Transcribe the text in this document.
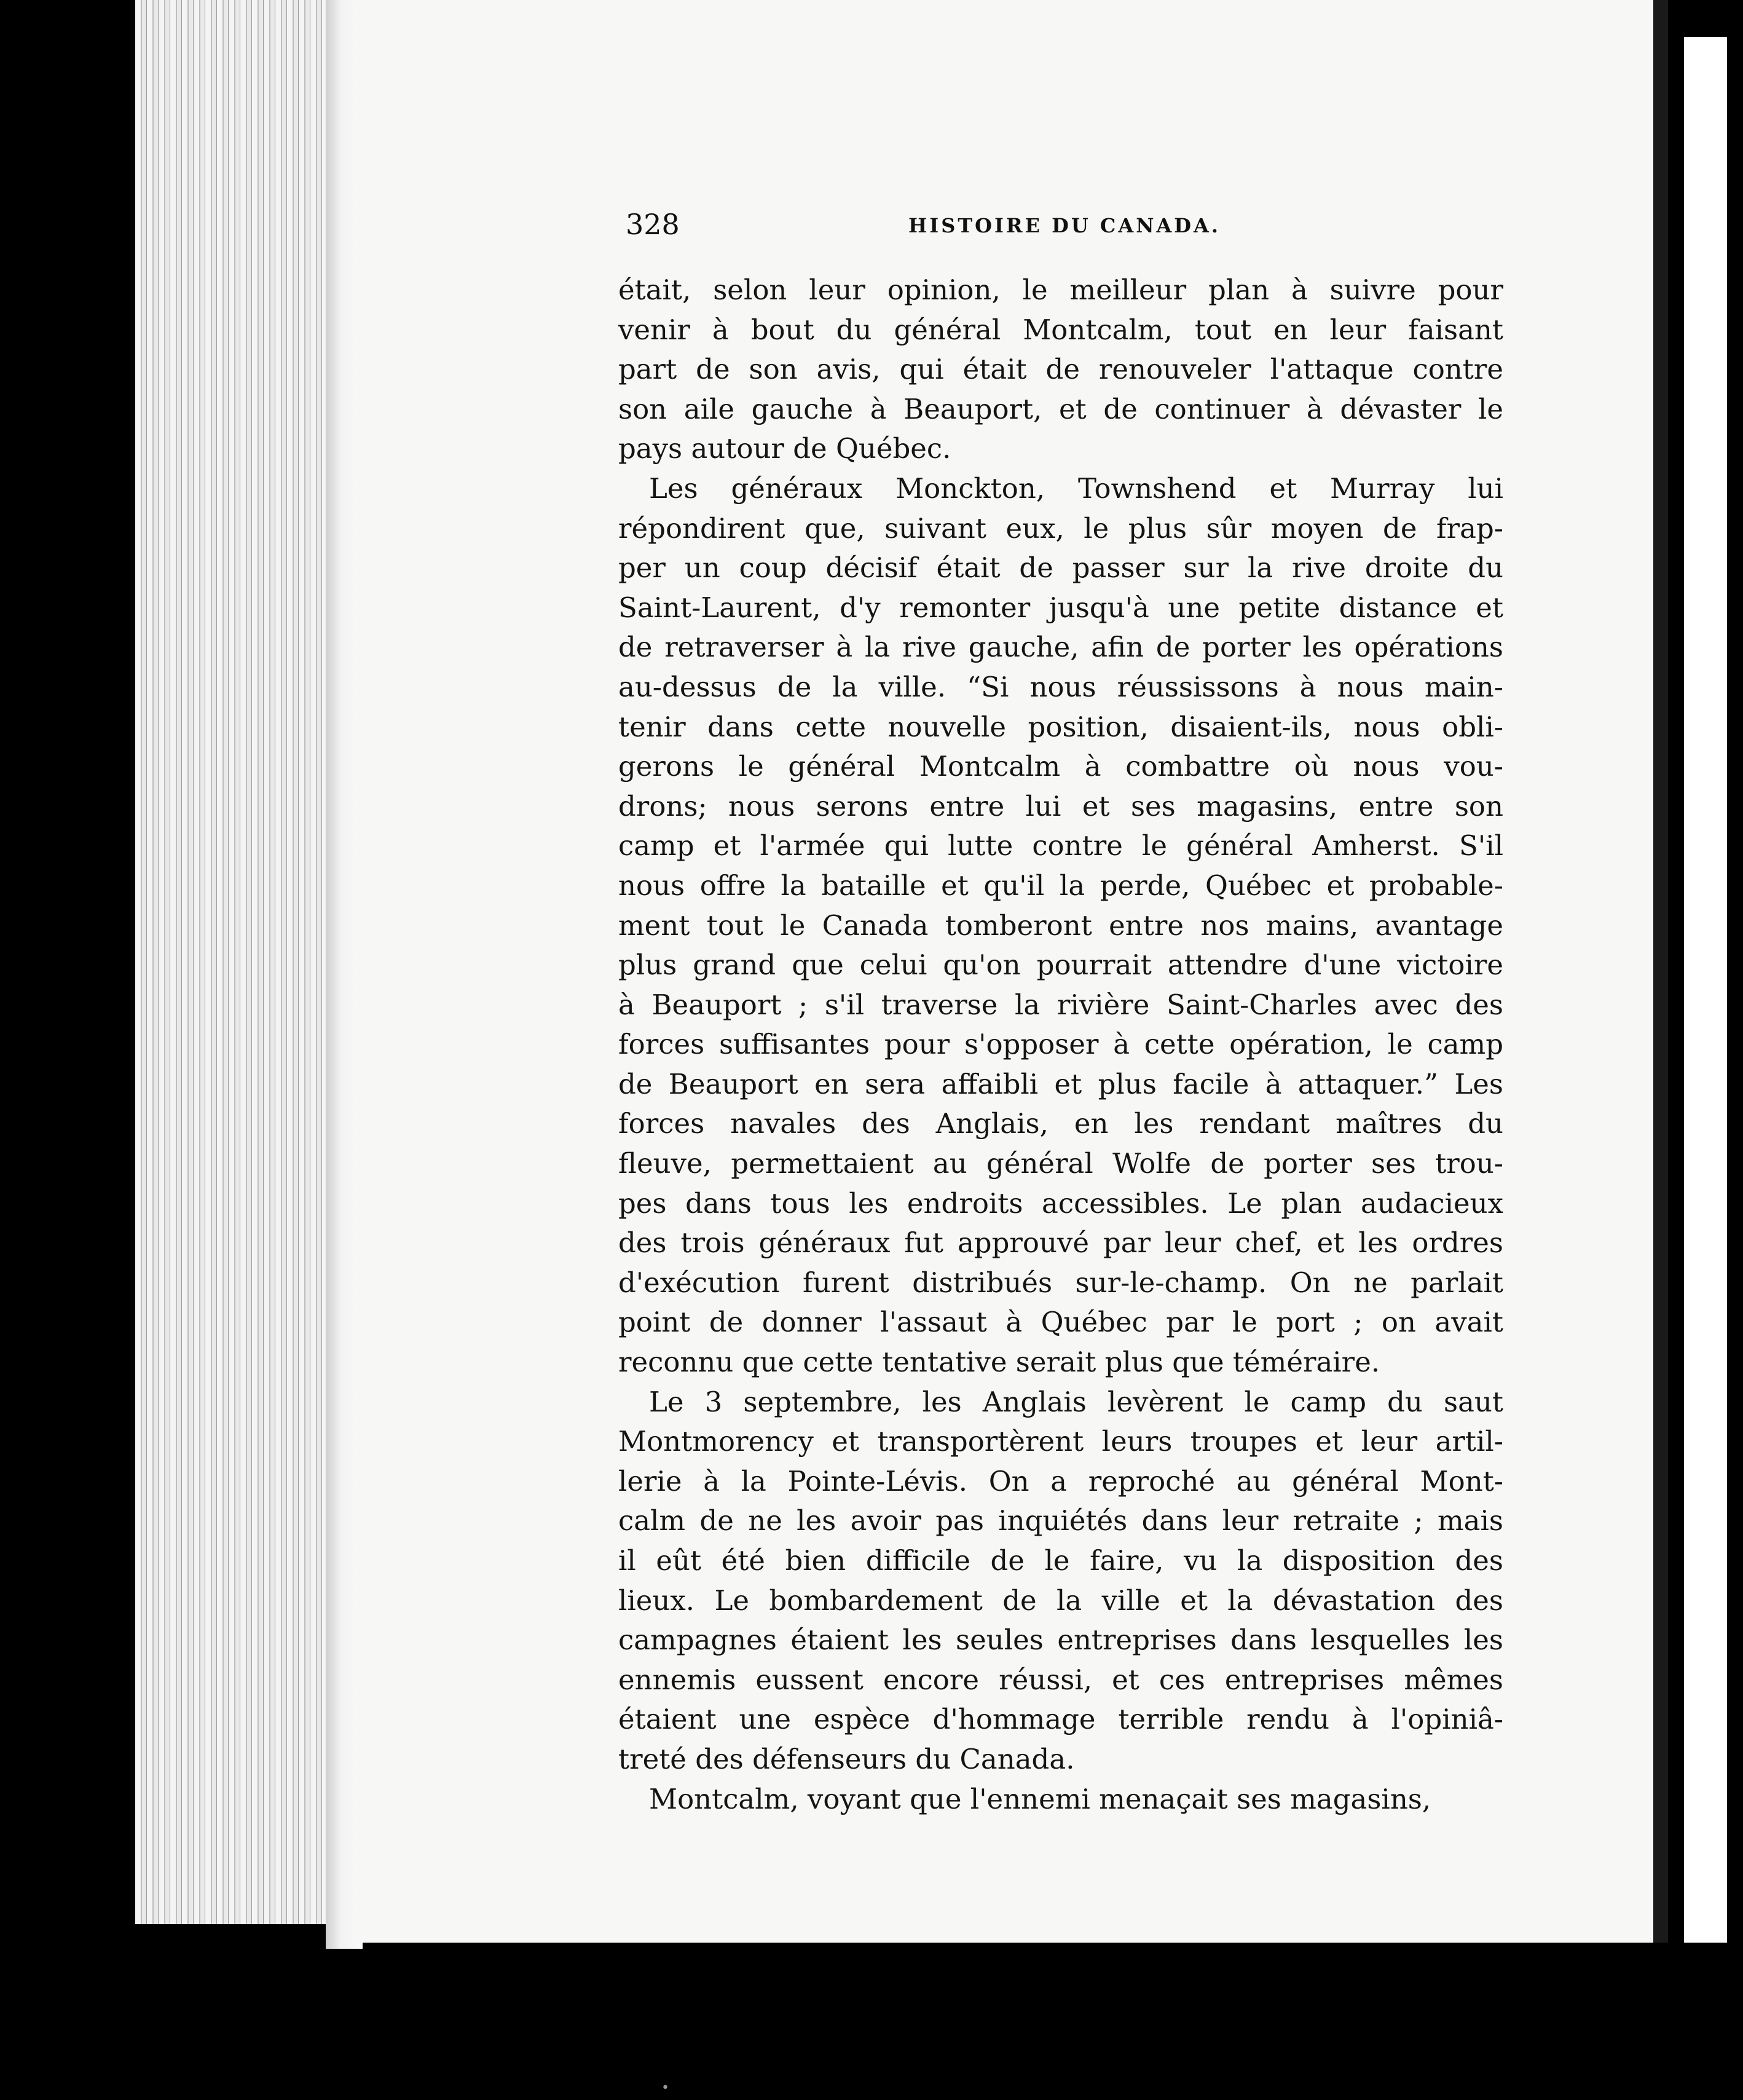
328	HISTOIRE DU CANADA.
était, selon leur opinion, le meilleur plan à suivre pour
venir à bout du général Montcalm, tout en leur faisant
part de son avis, qui était de renouveler l'attaque contre
son aile gauche à Beauport, et de continuer à dévaster le
pays autour de Québec.
Les généraux Monckton, Townshend et Murray lui
répondirent que, suivant eux, le plus sûr moyen de frap-
per un coup décisif était de passer sur la rive droite du
Saint-Laurent, d'y remonter jusqu'à une petite distance et
de retraverser à la rive gauche, afin de porter les opérations
au-dessus de la ville. “Si nous réussissons à nous main-
tenir dans cette nouvelle position, disaient-ils, nous obli-
gerons le général Montcalm à combattre où nous vou-
drons; nous serons entre lui et ses magasins, entre son
camp et l'armée qui lutte contre le général Amherst. S'il
nous offre la bataille et qu'il la perde, Québec et probable-
ment tout le Canada tomberont entre nos mains, avantage
plus grand que celui qu'on pourrait attendre d'une victoire
à Beauport ; s'il traverse la rivière Saint-Charles avec des
forces suffisantes pour s'opposer à cette opération, le camp
de Beauport en sera affaibli et plus facile à attaquer.” Les
forces navales des Anglais, en les rendant maîtres du
fleuve, permettaient au général Wolfe de porter ses trou-
pes dans tous les endroits accessibles. Le plan audacieux
des trois généraux fut approuvé par leur chef, et les ordres
d'exécution furent distribués sur-le-champ. On ne parlait
point de donner l'assaut à Québec par le port ; on avait
reconnu que cette tentative serait plus que téméraire.
Le 3 septembre, les Anglais levèrent le camp du saut
Montmorency et transportèrent leurs troupes et leur artil-
lerie à la Pointe-Lévis. On a reproché au général Mont-
calm de ne les avoir pas inquiétés dans leur retraite ; mais
il eût été bien difficile de le faire, vu la disposition des
lieux. Le bombardement de la ville et la dévastation des
campagnes étaient les seules entreprises dans lesquelles les
ennemis eussent encore réussi, et ces entreprises mêmes
étaient une espèce d'hommage terrible rendu à l'opiniâ-
treté des défenseurs du Canada.
Montcalm, voyant que l'ennemi menaçait ses magasins,
•
